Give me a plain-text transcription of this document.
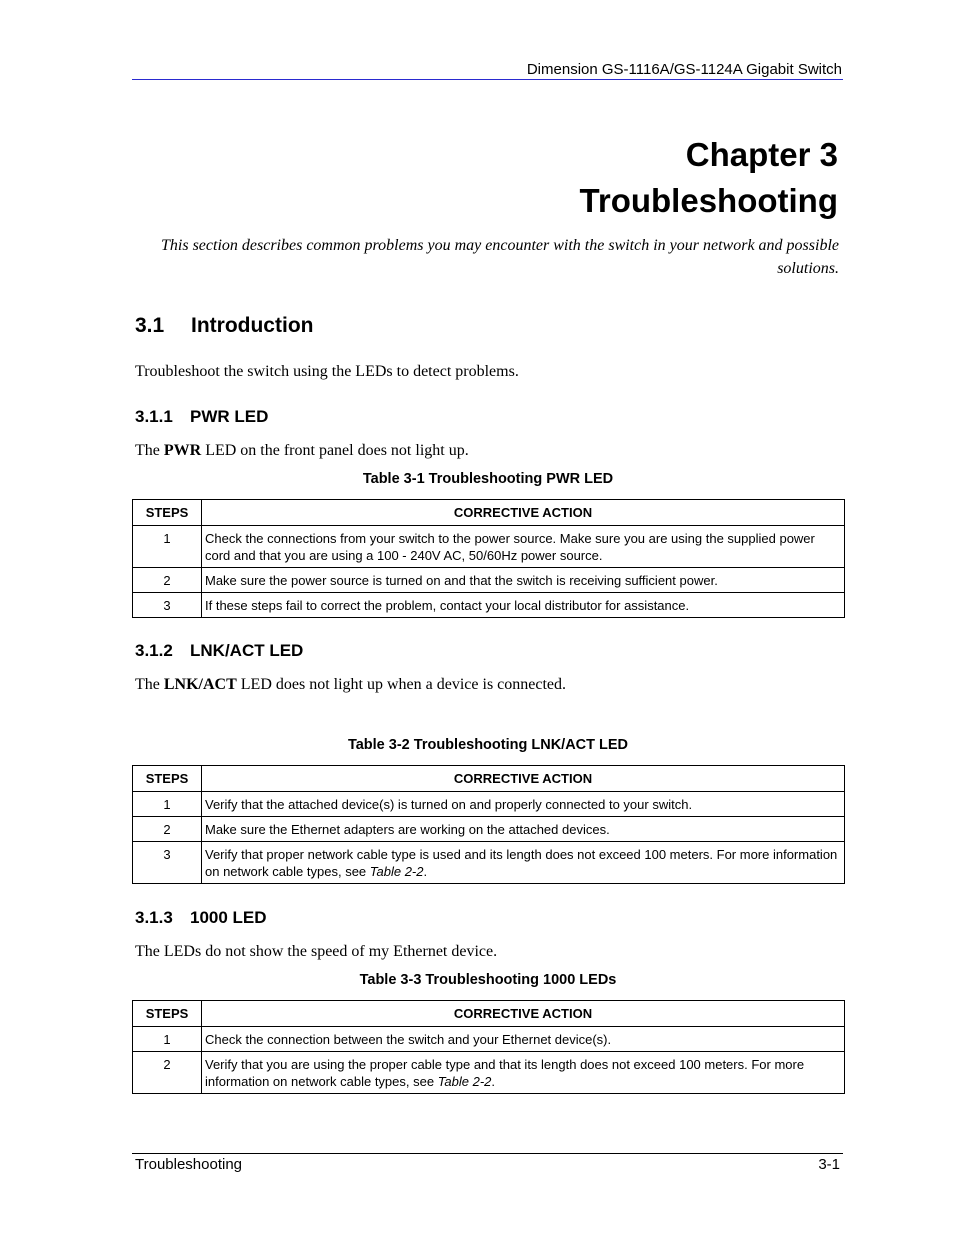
Dimension GS-1116A/GS-1124A Gigabit Switch
Chapter 3
Troubleshooting
This section describes common problems you may encounter with the switch in your network and possible solutions.
3.1 Introduction
Troubleshoot the switch using the LEDs to detect problems.
3.1.1 PWR LED
The PWR LED on the front panel does not light up.
Table 3-1 Troubleshooting PWR LED
STEPS	CORRECTIVE ACTION
1	Check the connections from your switch to the power source. Make sure you are using the supplied power cord and that you are using a 100 - 240V AC, 50/60Hz power source.
2	Make sure the power source is turned on and that the switch is receiving sufficient power.
3	If these steps fail to correct the problem, contact your local distributor for assistance.
3.1.2 LNK/ACT LED
The LNK/ACT LED does not light up when a device is connected.
Table 3-2 Troubleshooting LNK/ACT LED
STEPS	CORRECTIVE ACTION
1	Verify that the attached device(s) is turned on and properly connected to your switch.
2	Make sure the Ethernet adapters are working on the attached devices.
3	Verify that proper network cable type is used and its length does not exceed 100 meters. For more information on network cable types, see Table 2-2.
3.1.3 1000 LED
The LEDs do not show the speed of my Ethernet device.
Table 3-3 Troubleshooting 1000 LEDs
STEPS	CORRECTIVE ACTION
1	Check the connection between the switch and your Ethernet device(s).
2	Verify that you are using the proper cable type and that its length does not exceed 100 meters. For more information on network cable types, see Table 2-2.
Troubleshooting	3-1
